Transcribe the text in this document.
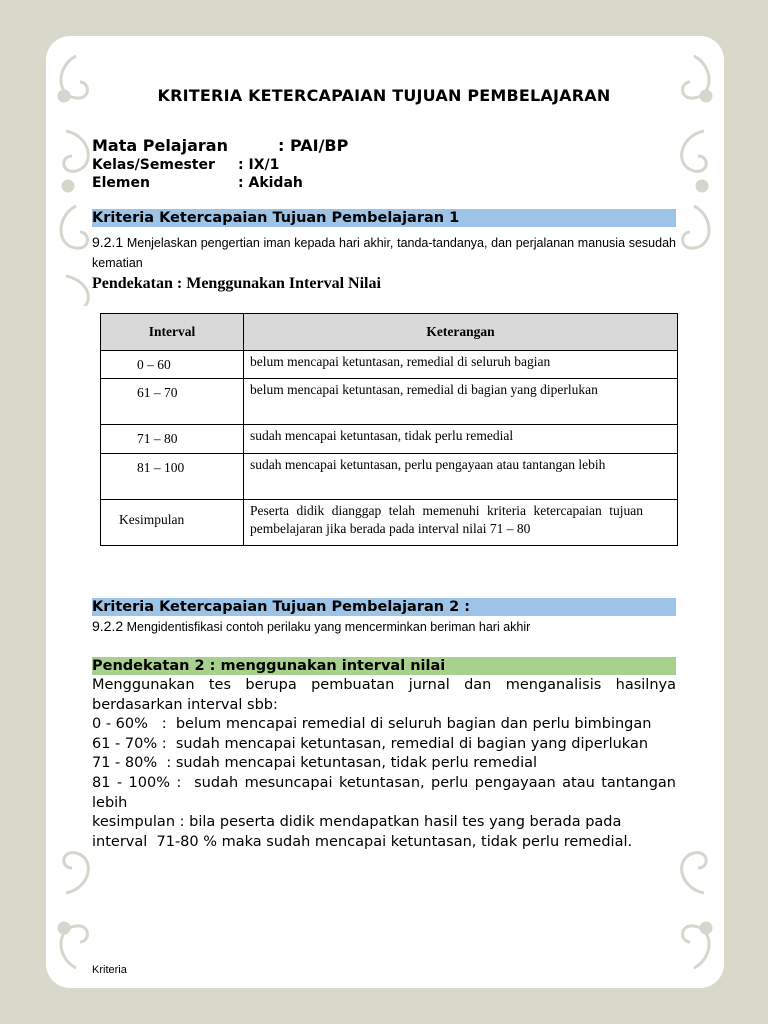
KRITERIA KETERCAPAIAN TUJUAN PEMBELAJARAN
Mata Pelajaran	: PAI/BP
Kelas/Semester : IX/1
Elemen	: Akidah
Kriteria Ketercapaian Tujuan Pembelajaran 1
9.2.1 Menjelaskan pengertian iman kepada hari akhir, tanda-tandanya, dan perjalanan manusia sesudah kematian
Pendekatan : Menggunakan Interval Nilai
Interval	Keterangan
0 – 60	belum mencapai ketuntasan, remedial di seluruh bagian
61 – 70	belum mencapai ketuntasan, remedial di bagian yang diperlukan
71 – 80	sudah mencapai ketuntasan, tidak perlu remedial
81 – 100	sudah mencapai ketuntasan, perlu pengayaan atau tantangan lebih
Kesimpulan	Peserta didik dianggap telah memenuhi kriteria ketercapaian tujuan pembelajaran jika berada pada interval nilai 71 – 80
Kriteria Ketercapaian Tujuan Pembelajaran 2 :
9.2.2 Mengidentisfikasi contoh perilaku yang mencerminkan beriman hari akhir
Pendekatan 2 : menggunakan interval nilai
Menggunakan tes berupa pembuatan jurnal dan menganalisis hasilnya berdasarkan interval sbb:
0 - 60%   :  belum mencapai remedial di seluruh bagian dan perlu bimbingan
61 - 70% :  sudah mencapai ketuntasan, remedial di bagian yang diperlukan
71 - 80%  : sudah mencapai ketuntasan, tidak perlu remedial
81 - 100% :  sudah mesuncapai ketuntasan, perlu pengayaan atau tantangan lebih
kesimpulan : bila peserta didik mendapatkan hasil tes yang berada pada interval  71-80 % maka sudah mencapai ketuntasan, tidak perlu remedial.
Kriteria
